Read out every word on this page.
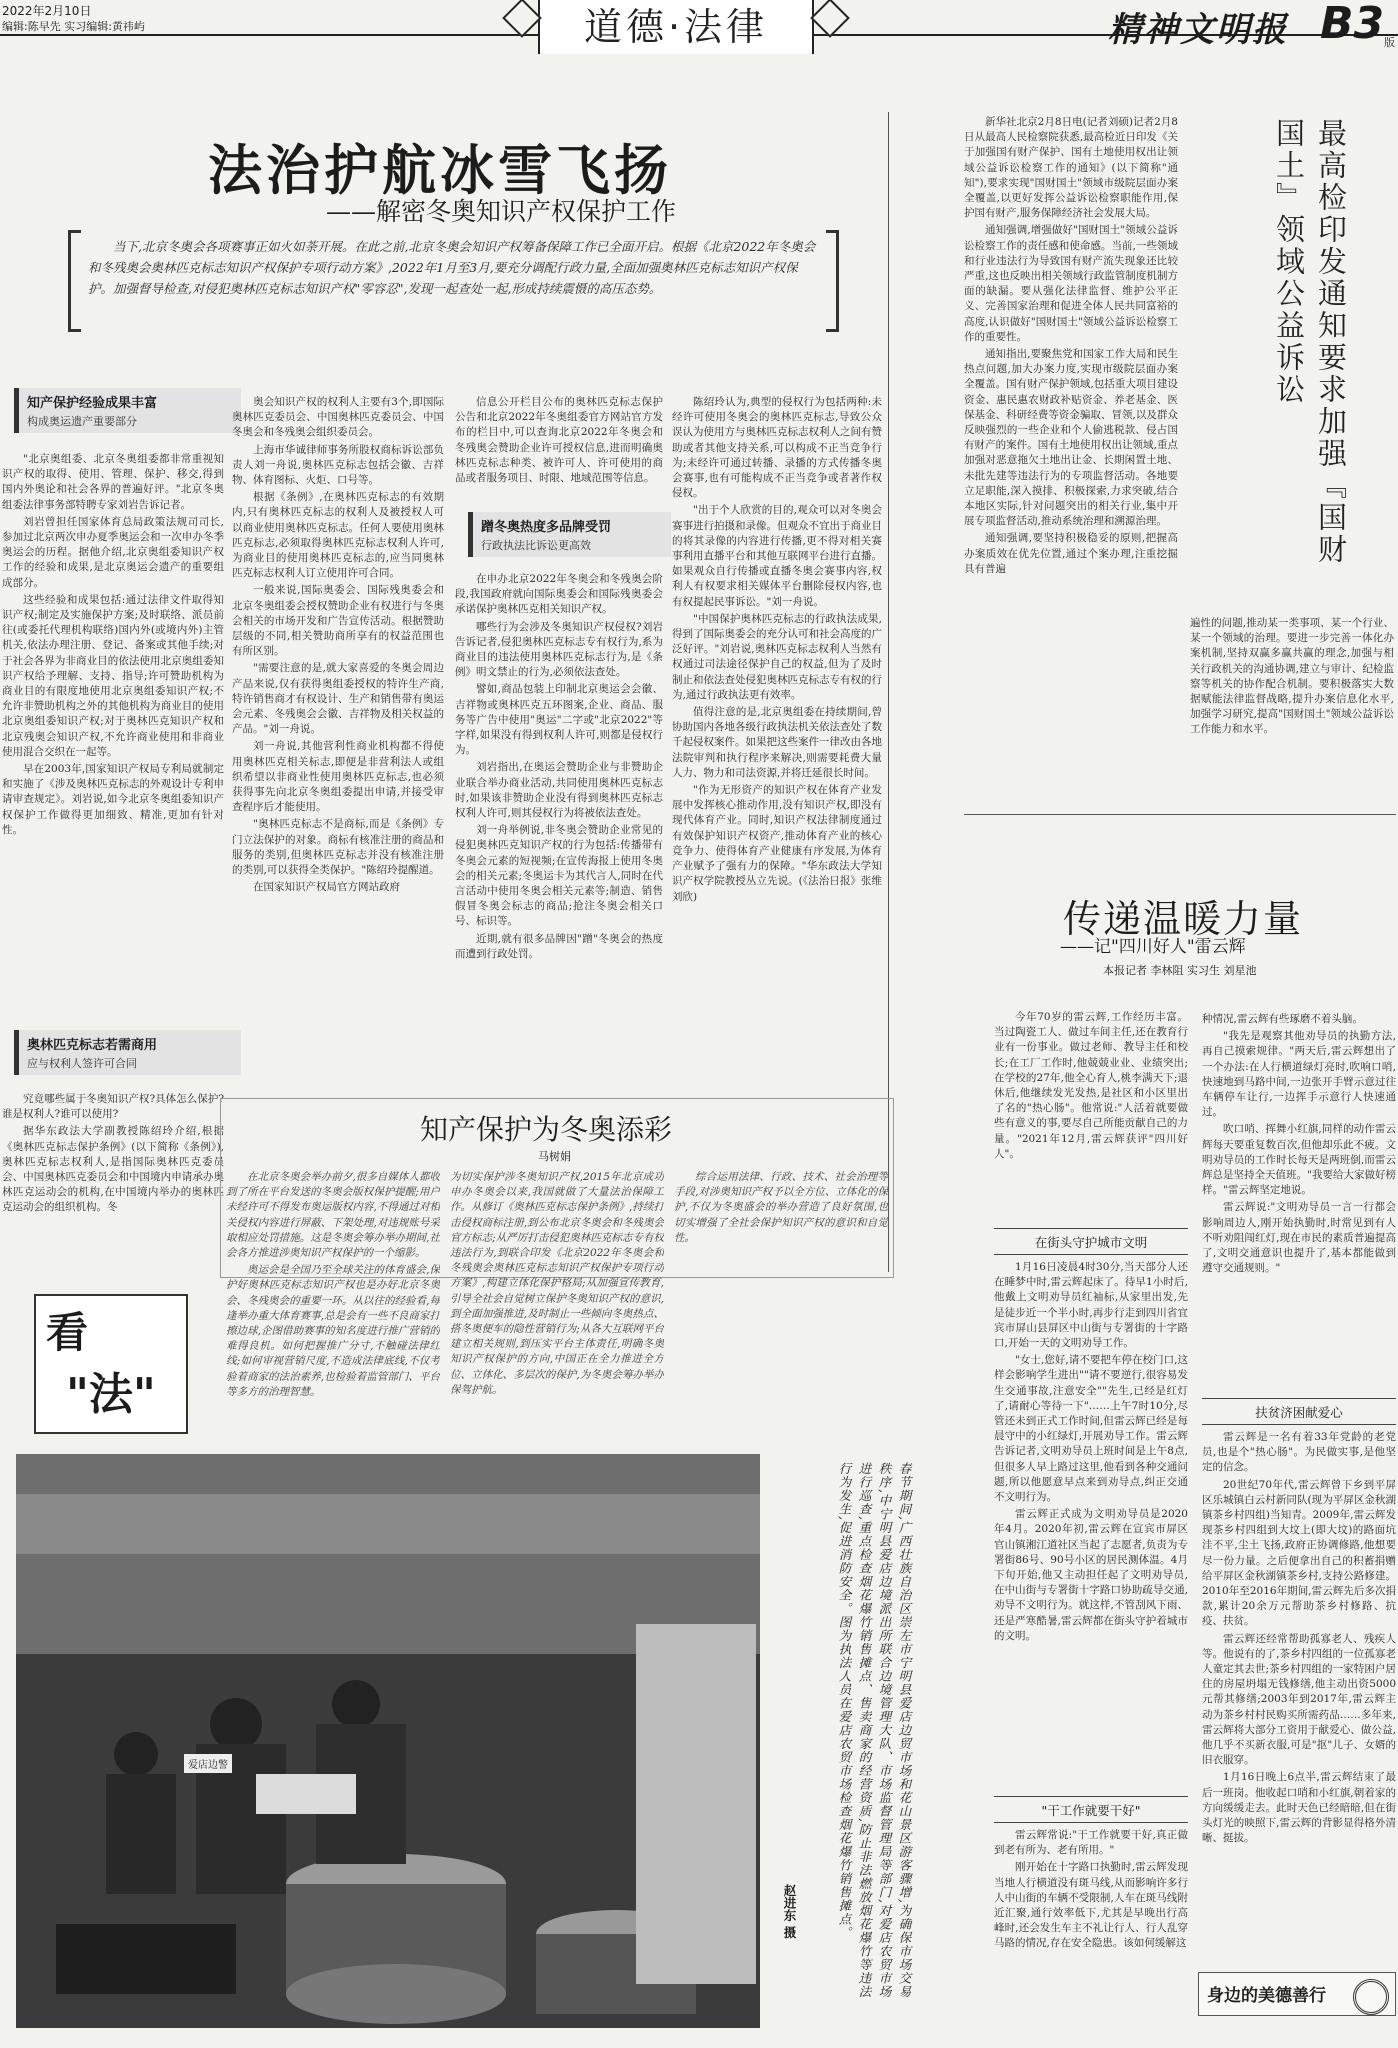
2022年2月10日
编辑:陈早先 实习编辑:黄祎屿	道德·法律	精神文明报 B3 版
法治护航冰雪飞扬
——解密冬奥知识产权保护工作
当下,北京冬奥会各项赛事正如火如荼开展。在此之前,北京冬奥会知识产权筹备保障工作已全面开启。根据《北京2022年冬奥会和冬残奥会奥林匹克标志知识产权保护专项行动方案》,2022年1月至3月,要充分调配行政力量,全面加强奥林匹克标志知识产权保护。加强督导检查,对侵犯奥林匹克标志知识产权"零容忍",发现一起查处一起,形成持续震慑的高压态势。
知产保护经验成果丰富
构成奥运遗产重要部分

"北京奥组委、北京冬奥组委都非常重视知识产权的取得、使用、管理、保护、移交,得到国内外奥论和社会各界的普遍好评。"北京冬奥组委法律事务部特聘专家刘岩告诉记者。

刘岩曾担任国家体育总局政策法规司司长,参加过北京两次申办夏季奥运会和一次申办冬季奥运会的历程。据他介绍,北京奥组委知识产权工作的经验和成果,是北京奥运会遗产的重要组成部分。

这些经验和成果包括:通过法律文件取得知识产权;制定及实施保护方案;及时联络、派员前往(或委托代理机构联络)国内外(或境内外)主管机关,依法办理注册、登记、备案或其他手续;对于社会各界为非商业目的依法使用北京奥组委知识产权给予理解、支持、指导;许可赞助机构为商业目的有限度地使用北京奥组委知识产权;不允许非赞助机构之外的其他机构为商业目的使用北京奥组委知识产权;对于奥林匹克知识产权和北京残奥会知识产权,不允许商业使用和非商业使用混合交织在一起等。

早在2003年,国家知识产权局专利局就制定和实施了《涉及奥林匹克标志的外观设计专利申请审查规定》。刘岩说,如今北京冬奥组委知识产权保护工作做得更加细致、精准,更加有针对性。

奥林匹克标志若需商用
应与权利人签许可合同

究竟哪些属于冬奥知识产权?具体怎么保护?谁是权利人?谁可以使用?

据华东政法大学副教授陈绍玲介绍,根据《奥林匹克标志保护条例》(以下简称《条例》),奥林匹克标志权利人,是指国际奥林匹克委员会、中国奥林匹克委员会和中国境内申请承办奥林匹克运动会的机构,在中国境内举办的奥林匹克运动会的组织机构。冬

奥会知识产权的权利人主要有3个,即国际奥林匹克委员会、中国奥林匹克委员会、中国冬奥会和冬残奥会组织委员会。

上海市华诚律师事务所股权商标诉讼部负责人刘一舟说,奥林匹克标志包括会徽、吉祥物、体育图标、火炬、口号等。

根据《条例》,在奥林匹克标志的有效期内,只有奥林匹克标志的权利人及被授权人可以商业使用奥林匹克标志。任何人要使用奥林匹克标志,必须取得奥林匹克标志权利人许可,为商业目的使用奥林匹克标志的,应当同奥林匹克标志权利人订立使用许可合同。

一般来说,国际奥委会、国际残奥委会和北京冬奥组委会授权赞助企业有权进行与冬奥会相关的市场开发和广告宣传活动。根据赞助层级的不同,相关赞助商所享有的权益范围也有所区别。

"需要注意的是,就大家喜爱的冬奥会周边产品来说,仅有获得奥组委授权的特许生产商,特许销售商才有权设计、生产和销售带有奥运会元素、冬残奥会会徽、吉祥物及相关权益的产品。"刘一舟说。

刘一舟说,其他营利性商业机构都不得使用奥林匹克相关标志,即便是非营利法人或组织希望以非商业性使用奥林匹克标志,也必须获得事先向北京冬奥组委提出申请,并接受审查程序后才能使用。

"奥林匹克标志不是商标,而是《条例》专门立法保护的对象。商标有核准注册的商品和服务的类别,但奥林匹克标志并没有核准注册的类别,可以获得全类保护。"陈绍玲提醒道。

在国家知识产权局官方网站政府

信息公开栏目公布的奥林匹克标志保护公告和北京2022年冬奥组委官方网站官方发布的栏目中,可以查询北京2022年冬奥会和冬残奥会赞助企业许可授权信息,进而明确奥林匹克标志种类、被许可人、许可使用的商品或者服务项目、时限、地域范围等信息。

蹭冬奥热度多品牌受罚
行政执法比诉讼更高效

在申办北京2022年冬奥会和冬残奥会阶段,我国政府就向国际奥委会和国际残奥委会承诺保护奥林匹克相关知识产权。

哪些行为会涉及冬奥知识产权侵权?刘岩告诉记者,侵犯奥林匹克标志专有权行为,系为商业目的违法使用奥林匹克标志行为,是《条例》明文禁止的行为,必须依法查处。

譬如,商品包装上印制北京奥运会会徽、吉祥物或奥林匹克五环图案,企业、商品、服务等广告中使用"奥运"二字或"北京2022"等字样,如果没有得到权利人许可,则都是侵权行为。

刘岩指出,在奥运会赞助企业与非赞助企业联合举办商业活动,共同使用奥林匹克标志时,如果该非赞助企业没有得到奥林匹克标志权利人许可,则其侵权行为将被依法查处。

刘一舟举例说,非冬奥会赞助企业常见的侵犯奥林匹克知识产权的行为包括:传播带有冬奥会元素的短视频;在宣传海报上使用冬奥会的相关元素;冬奥运卡为其代言人,同时在代言活动中使用冬奥会相关元素等;制造、销售假冒冬奥会标志的商品;抢注冬奥会相关口号、标识等。

近期,就有很多品牌因"蹭"冬奥会的热度而遭到行政处罚。

陈绍玲认为,典型的侵权行为包括两种:未经许可使用冬奥会的奥林匹克标志,导致公众误认为使用方与奥林匹克标志权利人之间有赞助或者其他支持关系,可以构成不正当竞争行为;未经许可通过转播、录播的方式传播冬奥会赛事,也有可能构成不正当竞争或者著作权侵权。

"出于个人欣赏的目的,观众可以对冬奥会赛事进行拍摄和录像。但观众不宜出于商业目的将其录像的内容进行传播,更不得对相关赛事利用直播平台和其他互联网平台进行直播。如果观众自行传播或直播冬奥会赛事内容,权利人有权要求相关媒体平台删除侵权内容,也有权提起民事诉讼。"刘一舟说。

"中国保护奥林匹克标志的行政执法成果,得到了国际奥委会的充分认可和社会高度的广泛好评。"刘岩说,奥林匹克标志权利人当然有权通过司法途径保护自己的权益,但为了及时制止和依法查处侵犯奥林匹克标志专有权的行为,通过行政执法更有效率。

值得注意的是,北京奥组委在持续期间,曾协助国内各地各级行政执法机关依法查处了数千起侵权案件。如果把这些案件一律改由各地法院审判和执行程序来解决,则需要耗费大量人力、物力和司法资源,并将迁延很长时间。

"作为无形资产的知识产权在体育产业发展中发挥核心推动作用,没有知识产权,即没有现代体育产业。同时,知识产权法律制度通过有效保护知识产权资产,推动体育产业的核心竞争力、使得体育产业健康有序发展,为体育产业赋予了强有力的保障。"华东政法大学知识产权学院教授丛立先说。(《法治日报》张维 刘欣)

最高检印发通知要求加强『国财国土』领域公益诉讼

新华社北京2月8日电(记者刘硕)记者2月8日从最高人民检察院获悉,最高检近日印发《关于加强国有财产保护、国有土地使用权出让领域公益诉讼检察工作的通知》(以下简称"通知"),要求实现"国财国土"领域市级院层面办案全覆盖,以更好发挥公益诉讼检察职能作用,保护国有财产,服务保障经济社会发展大局。

通知强调,增强做好"国财国土"领域公益诉讼检察工作的责任感和使命感。当前,一些领域和行业违法行为导致国有财产流失现象还比较严重,这也反映出相关领域行政监管制度机制方面的缺漏。要从强化法律监督、维护公平正义、完善国家治理和促进全体人民共同富裕的高度,认识做好"国财国土"领域公益诉讼检察工作的重要性。

通知指出,要聚焦党和国家工作大局和民生热点问题,加大办案力度,实现市级院层面办案全覆盖。国有财产保护领域,包括重大项目建设资金、惠民惠农财政补贴资金、养老基金、医保基金、科研经费等资金骗取、冒领,以及群众反映强烈的一些企业和个人偷逃税款、侵占国有财产的案件。国有土地使用权出让领域,重点加强对恶意拖欠土地出让金、长期闲置土地、未批先建等违法行为的专项监督活动。各地要立足职能,深入摸排、积极探索,力求突破,结合本地区实际,针对问题突出的相关行业,集中开展专项监督活动,推动系统治理和溯源治理。

通知强调,要坚持积极稳妥的原则,把握高办案质效在优先位置,通过个案办理,注重挖掘具有普遍

遍性的问题,推动某一类事项、某一个行业、某一个领域的治理。要进一步完善一体化办案机制,坚持双赢多赢共赢的理念,加强与相关行政机关的沟通协调,建立与审计、纪检监察等机关的协作配合机制。要积极落实大数据赋能法律监督战略,提升办案信息化水平,加强学习研究,提高"国财国土"领域公益诉讼工作能力和水平。

看
"法"
知产保护为冬奥添彩
马树娟

在北京冬奥会举办前夕,很多自媒体人都收到了所在平台发送的冬奥会版权保护提醒;用户未经许可不得发布奥运版权内容,不得通过对相关侵权内容进行屏蔽、下架处理,对违规账号采取相应处罚措施。这是冬奥会筹办举办期间,社会各方推进涉奥知识产权保护的一个缩影。

奥运会是全国乃至全球关注的体育盛会,保护好奥林匹克标志知识产权也是办好北京冬奥会、冬残奥会的重要一环。从以往的经验看,每逢举办重大体育赛事,总是会有一些不良商家打擦边球,企图借助赛事的知名度进行推广营销的难得良机。如何把握推广分寸,不触碰法律红线;如何审视营销尺度,不造成法律底线,不仅考验着商家的法治素养,也检验着监管部门、平台等多方的治理智慧。

为切实保护涉冬奥知识产权,2015年北京成功申办冬奥会以来,我国就做了大量法治保障工作。从修订《奥林匹克标志保护条例》,持续打击侵权商标注册,到公布北京冬奥会和冬残奥会官方标志;从严厉打击侵犯奥林匹克标志专有权违法行为,到联合印发《北京2022年冬奥会和冬残奥会奥林匹克标志知识产权保护专项行动方案》,构建立体化保护格局;从加强宣传教育,引导全社会自觉树立保护冬奥知识产权的意识,到全面加强推进,及时制止一些倾向冬奥热点、搭冬奥便车的隐性营销行为;从各大互联网平台建立相关规则,到压实平台主体责任,明确冬奥知识产权保护的方向,中国正在全力推进全方位、立体化、多层次的保护,为冬奥会筹办举办保驾护航。

综合运用法律、行政、技术、社会治理等手段,对涉奥知识产权予以全方位、立体化的保护,不仅为冬奥盛会的举办营造了良好氛围,也切实增强了全社会保护知识产权的意识和自觉性。

爱店边警	春节期间,广西壮族自治区崇左市宁明县爱店边贸市场和花山景区游客骤增,为确保市场交易秩序,中宁明县爱店边境派出所联合边境管理大队、市场监督管理局等部门,对爱店农贸市场进行巡查,重点检查烟花爆竹销售摊点、售卖商家的经营资质,防止非法燃放烟花爆竹等违法行为发生,促进消防安全。图为执法人员在爱店农贸市场检查烟花爆竹销售摊点。
赵进东 摄
传递温暖力量
——记"四川好人"雷云辉
本报记者 李林阻 实习生 刘星池

今年70岁的雷云辉,工作经历丰富。当过陶瓷工人、做过车间主任,还在教育行业有一份事业。做过老师、教导主任和校长;在工厂工作时,他兢兢业业、业绩突出;在学校的27年,他全心育人,桃李满天下;退休后,他继续发光发热,是社区和小区里出了名的"热心肠"。他常说:"人活着就要做些有意义的事,要尽自己所能贡献自己的力量。"2021年12月,雷云辉获评"四川好人"。

在街头守护城市文明

1月16日凌晨4时30分,当天部分人还在睡梦中时,雷云辉起床了。待早1小时后,他戴上文明劝导员红袖标,从家里出发,先是徒步近一个半小时,再步行走到四川省宜宾市屏山县屏区中山街与专署街的十字路口,开始一天的文明劝导工作。

"女士,您好,请不要把车停在校门口,这样会影响学生进出""请不要逆行,很容易发生交通事故,注意安全""先生,已经是红灯了,请耐心等待一下"……上午7时10分,尽管还未到正式工作时间,但雷云辉已经是每晨守中的小红绿灯,开展劝导工作。雷云辉告诉记者,文明劝导员上班时间是上午8点,但很多人早上路过这里,他看到各种交通问题,所以他愿意早点来到劝导点,纠正交通不文明行为。

雷云辉正式成为文明劝导员是2020年4月。2020年初,雷云辉在宣宾市屏区官山镇湘江道社区当起了志愿者,负责为专署街86号、90号小区的居民测体温。4月下旬开始,他又主动担任起了文明劝导员,在中山街与专署街十字路口协助疏导交通,劝导不文明行为。就这样,不管刮风下雨、还是严寒酷暑,雷云辉都在街头守护着城市的文明。

"干工作就要干好"

雷云辉常说:"干工作就要干好,真正做到老有所为、老有所用。"

刚开始在十字路口执勤时,雷云辉发现当地人行横道没有斑马线,从而影响许多行人中山街的车辆不受限制,人车在斑马线附近汇聚,通行效率低下,尤其是早晚出行高峰时,还会发生车主不礼让行人、行人乱穿马路的情况,存在安全隐患。该如何缓解这

种情况,雷云辉有些琢磨不着头脑。

"我先是观察其他劝导员的执勤方法,再自己摸索规律。"两天后,雷云辉想出了一个办法:在人行横道绿灯亮时,吹响口哨,快速地到马路中间,一边张开手臂示意过往车辆停车让行,一边挥手示意行人快速通过。

吹口哨、挥舞小红旗,同样的动作雷云辉每天要重复数百次,但他却乐此不疲。文明劝导员的工作时长每天是两班倒,而雷云辉总是坚持全天值班。"我要给大家做好榜样。"雷云辉坚定地说。

雷云辉说:"文明劝导员一言一行都会影响周边人,刚开始执勤时,时常见到有人不听劝阻闯红灯,现在市民的素质普遍提高了,文明交通意识也提升了,基本都能做到遵守交通规则。"

扶贫济困献爱心

雷云辉是一名有着33年党龄的老党员,也是个"热心肠"。为民做实事,是他坚定的信念。

20世纪70年代,雷云辉曾下乡到平屏区乐城镇白云村新同队(现为平屏区金秋湖镇茶乡村四组)当知青。2009年,雷云辉发现茶乡村四组到大坟上(即大坟)的路面坑洼不平,尘土飞扬,政府正协调修路,他想要尽一份力量。之后便拿出自己的积蓄捐赠给平屏区金秋湖镇茶乡村,支持公路修建。2010年至2016年期间,雷云辉先后多次捐款,累计20余万元帮助茶乡村修路、抗疫、扶贫。

雷云辉还经常帮助孤寡老人、残疾人等。他说有的了,茶乡村四组的一位孤寡老人童定其去世;茶乡村四组的一家特困户居住的房屋坍塌无钱修缮,他主动出资5000元帮其修缮;2003年到2017年,雷云辉主动为茶乡村村民购买所需药品……多年来,雷云辉将大部分工资用于献爱心、做公益,他几乎不买新衣服,可是"抠"儿子、女婿的旧衣服穿。

1月16日晚上6点半,雷云辉结束了最后一班岗。他收起口哨和小红旗,朝着家的方向缓缓走去。此时天色已经暗暗,但在街头灯光的映照下,雷云辉的背影显得格外清晰、挺拔。

身边的美德善行
